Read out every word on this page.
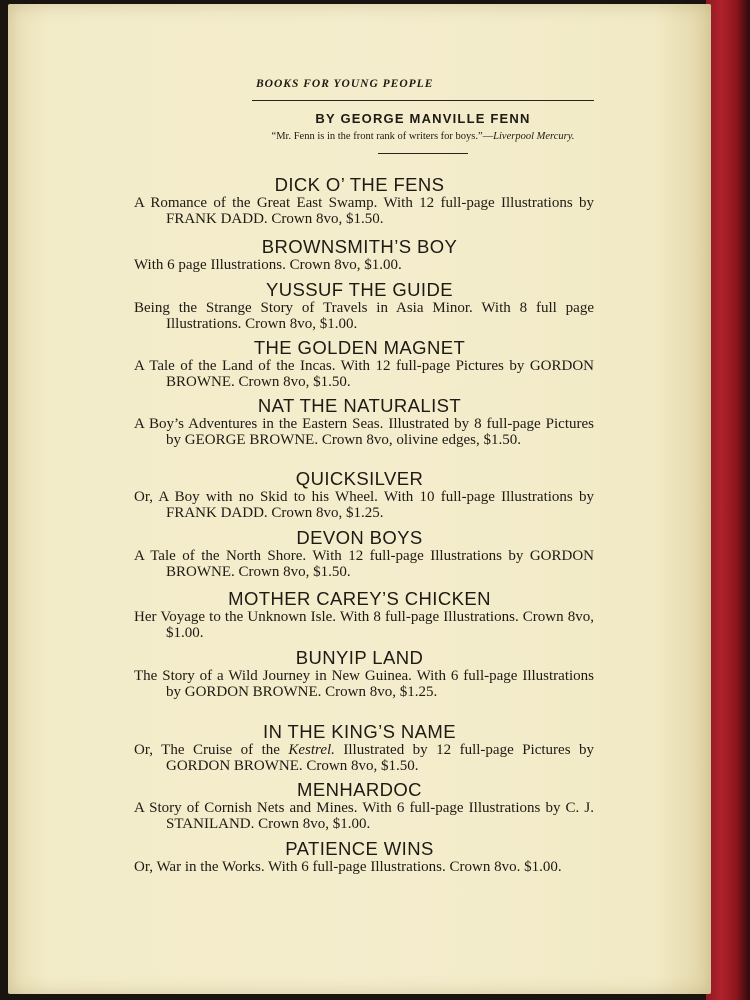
BOOKS FOR YOUNG PEOPLE
BY GEORGE MANVILLE FENN
“Mr. Fenn is in the front rank of writers for boys.”—Liverpool Mercury.
DICK O’ THE FENS
A Romance of the Great East Swamp. With 12 full-page Illustrations by FRANK DADD. Crown 8vo, $1.50.
BROWNSMITH’S BOY
With 6 page Illustrations. Crown 8vo, $1.00.
YUSSUF THE GUIDE
Being the Strange Story of Travels in Asia Minor. With 8 full page Illustrations. Crown 8vo, $1.00.
THE GOLDEN MAGNET
A Tale of the Land of the Incas. With 12 full-page Pictures by GORDON BROWNE. Crown 8vo, $1.50.
NAT THE NATURALIST
A Boy’s Adventures in the Eastern Seas. Illustrated by 8 full-page Pictures by GEORGE BROWNE. Crown 8vo, olivine edges, $1.50.
QUICKSILVER
Or, A Boy with no Skid to his Wheel. With 10 full-page Illustrations by FRANK DADD. Crown 8vo, $1.25.
DEVON BOYS
A Tale of the North Shore. With 12 full-page Illustrations by GORDON BROWNE. Crown 8vo, $1.50.
MOTHER CAREY’S CHICKEN
Her Voyage to the Unknown Isle. With 8 full-page Illustrations. Crown 8vo, $1.00.
BUNYIP LAND
The Story of a Wild Journey in New Guinea. With 6 full-page Illustrations by GORDON BROWNE. Crown 8vo, $1.25.
IN THE KING’S NAME
Or, The Cruise of the Kestrel. Illustrated by 12 full-page Pictures by GORDON BROWNE. Crown 8vo, $1.50.
MENHARDOC
A Story of Cornish Nets and Mines. With 6 full-page Illustrations by C. J. STANILAND. Crown 8vo, $1.00.
PATIENCE WINS
Or, War in the Works. With 6 full-page Illustrations. Crown 8vo. $1.00.
